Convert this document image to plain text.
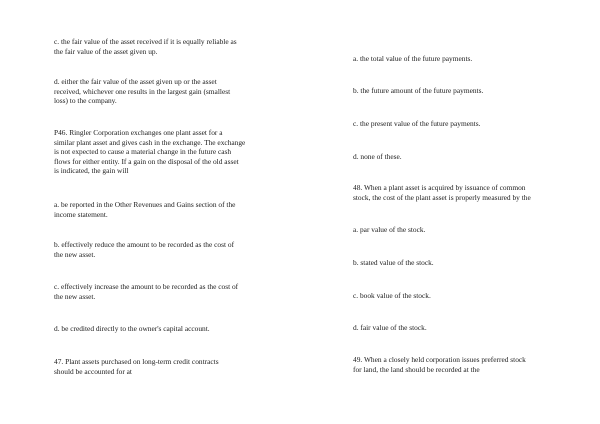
c. the fair value of the asset received if it is equally reliable as
the fair value of the asset given up.

d. either the fair value of the asset given up or the asset
received, whichever one results in the largest gain (smallest
loss) to the company.

P46. Ringler Corporation exchanges one plant asset for a
similar plant asset and gives cash in the exchange. The exchange
is not expected to cause a material change in the future cash
flows for either entity. If a gain on the disposal of the old asset
is indicated, the gain will

a. be reported in the Other Revenues and Gains section of the
income statement.

b. effectively reduce the amount to be recorded as the cost of
the new asset.

c. effectively increase the amount to be recorded as the cost of
the new asset.

d. be credited directly to the owner's capital account.

47. Plant assets purchased on long-term credit contracts
should be accounted for at

a. the total value of the future payments.

b. the future amount of the future payments.

c. the present value of the future payments.

d. none of these.

48. When a plant asset is acquired by issuance of common
stock, the cost of the plant asset is properly measured by the

a. par value of the stock.

b. stated value of the stock.

c. book value of the stock.

d. fair value of the stock.

49. When a closely held corporation issues preferred stock
for land, the land should be recorded at the
